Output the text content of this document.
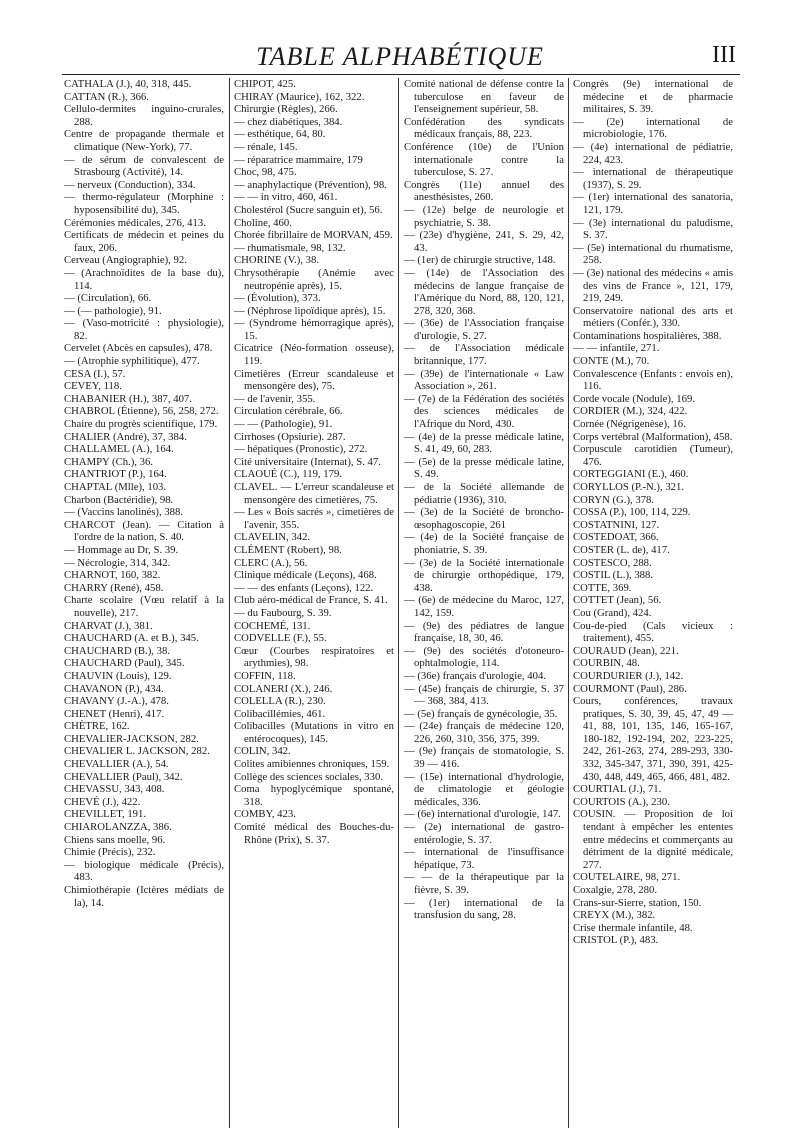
TABLE ALPHABÉTIQUE	III

CATHALA (J.), 40, 318, 445.

CATTAN (R.), 366.

Cellulo-dermites inguino-crurales, 288.

Centre de propagande thermale et climatique (New-York), 77.

— de sérum de convalescent de Strasbourg (Activité), 14.

— nerveux (Conduction), 334.

— thermo-régulateur (Morphine : hyposensibilité du), 345.

Cérémonies médicales, 276, 413.

Certificats de médecin et peines du faux, 206.

Cerveau (Angiographie), 92.

— (Arachnoïdites de la base du), 114.

— (Circulation), 66.

— (— pathologie), 91.

— (Vaso-motricité : physiologie), 82.

Cervelet (Abcès en capsules), 478.

— (Atrophie syphilitique), 477.

CESA (I.), 57.

CEVEY, 118.

CHABANIER (H.), 387, 407.

CHABROL (Étienne), 56, 258, 272.

Chaire du progrès scientifique, 179.

CHALIER (André), 37, 384.

CHALLAMEL (A.), 164.

CHAMPY (Ch.), 36.

CHANTRIOT (P.), 164.

CHAPTAL (Mlle), 103.

Charbon (Bactéridie), 98.

— (Vaccins lanolinés), 388.

CHARCOT (Jean). — Citation à l'ordre de la nation, S. 40.

— Hommage au Dr, S. 39.

— Nécrologie, 314, 342.

CHARNOT, 160, 382.

CHARRY (René), 458.

Charte scolaire (Vœu relatif à la nouvelle), 217.

CHARVAT (J.), 381.

CHAUCHARD (A. et B.), 345.

CHAUCHARD (B.), 38.

CHAUCHARD (Paul), 345.

CHAUVIN (Louis), 129.

CHAVANON (P.), 434.

CHAVANY (J.-A.), 478.

CHENET (Henri), 417.

CHÈTRE, 162.

CHEVALIER-JACKSON, 282.

CHEVALIER L. JACKSON, 282.

CHEVALLIER (A.), 54.

CHEVALLIER (Paul), 342.

CHEVASSU, 343, 408.

CHEVÉ (J.), 422.

CHEVILLET, 191.

CHIAROLANZZA, 386.

Chiens sans moelle, 96.

Chimie (Précis), 232.

— biologique médicale (Précis), 483.

Chimiothérapie (Ictères médiats de la), 14.

CHIPOT, 425.

CHIRAY (Maurice), 162, 322.

Chirurgie (Règles), 266.

— chez diabétiques, 384.

— esthétique, 64, 80.

— rénale, 145.

— réparatrice mammaire, 179

Choc, 98, 475.

— anaphylactique (Prévention), 98.

— — in vitro, 460, 461.

Cholestérol (Sucre sanguin et), 56.

Choline, 460.

Chorée fibrillaire de MORVAN, 459.

— rhumatismale, 98, 132.

CHORINE (V.), 38.

Chrysothérapie (Anémie avec neutropénie après), 15.

— (Évolution), 373.

— (Néphrose lipoïdique après), 15.

— (Syndrome hémorragique après), 15.

Cicatrice (Néo-formation osseuse), 119.

Cimetières (Erreur scandaleuse et mensongère des), 75.

— de l'avenir, 355.

Circulation cérébrale, 66.

— — (Pathologie), 91.

Cirrhoses (Opsiurie). 287.

— hépatiques (Pronostic), 272.

Cité universitaire (Internat), S. 47.

CLAOUÉ (C.), 119, 179.

CLAVEL. — L'erreur scandaleuse et mensongère des cimetières, 75.

— Les « Bois sacrés », cimetières de l'avenir, 355.

CLAVELIN, 342.

CLÉMENT (Robert), 98.

CLERC (A.), 56.

Clinique médicale (Leçons), 468.

— — des enfants (Leçons), 122.

Club aéro-médical de France, S. 41.

— du Faubourg, S. 39.

COCHEMÉ, 131.

CODVELLE (F.), 55.

Cœur (Courbes respiratoires et arythmies), 98.

COFFIN, 118.

COLANERI (X.), 246.

COLELLA (R.), 230.

Colibacillémies, 461.

Colibacilles (Mutations in vitro en entérocoques), 145.

COLIN, 342.

Colites amibiennes chroniques, 159.

Collège des sciences sociales, 330.

Coma hypoglycémique spontané, 318.

COMBY, 423.

Comité médical des Bouches-du-Rhône (Prix), S. 37.

Comité national de défense contre la tuberculose en faveur de l'enseignement supérieur, 58.

Confédération des syndicats médicaux français, 88, 223.

Conférence (10e) de l'Union internationale contre la tuberculose, S. 27.

Congrès (11e) annuel des anesthésistes, 260.

— (12e) belge de neurologie et psychiatrie, S. 38.

— (23e) d'hygiène, 241, S. 29, 42, 43.

— (1er) de chirurgie structive, 148.

— (14e) de l'Association des médecins de langue française de l'Amérique du Nord, 88, 120, 121, 278, 320, 368.

— (36e) de l'Association française d'urologie, S. 27.

— de l'Association médicale britannique, 177.

— (39e) de l'internationale « Law Association », 261.

— (7e) de la Fédération des sociétés des sciences médicales de l'Afrique du Nord, 430.

— (4e) de la presse médicale latine, S. 41, 49, 60, 283.

— (5e) de la presse médicale latine, S. 49.

— de la Société allemande de pédiatrie (1936), 310.

— (3e) de la Société de broncho-œsophagoscopie, 261

— (4e) de la Société française de phoniatrie, S. 39.

— (3e) de la Société internationale de chirurgie orthopédique, 179, 438.

— (6e) de médecine du Maroc, 127, 142, 159.

— (9e) des pédiatres de langue française, 18, 30, 46.

— (9e) des sociétés d'otoneuro-ophtalmologie, 114.

— (36e) français d'urologie, 404.

— (45e) français de chirurgie, S. 37 — 368, 384, 413.

— (5e) français de gynécologie, 35.

— (24e) français de médecine 120, 226, 260, 310, 356, 375, 399.

— (9e) français de stomatologie, S. 39 — 416.

— (15e) international d'hydrologie, de climatologie et géologie médicales, 336.

— (6e) international d'urologie, 147.

— (2e) international de gastro-entérologie, S. 37.

— international de l'insuffisance hépatique, 73.

— — de la thérapeutique par la fièvre, S. 39.

— (1er) international de la transfusion du sang, 28.

Congrès (9e) international de médecine et de pharmacie militaires, S. 39.

— (2e) international de microbiologie, 176.

— (4e) international de pédiatrie, 224, 423.

— international de thérapeutique (1937), S. 29.

— (1er) international des sanatoria, 121, 179.

— (3e) international du paludisme, S. 37.

— (5e) international du rhumatisme, 258.

— (3e) national des médecins « amis des vins de France », 121, 179, 219, 249.

Conservatoire national des arts et métiers (Confér.), 330.

Contaminations hospitalières, 388.

— — infantile, 271.

CONTE (M.), 70.

Convalescence (Enfants : envois en), 116.

Corde vocale (Nodule), 169.

CORDIER (M.), 324, 422.

Cornée (Négrigenèse), 16.

Corps vertébral (Malformation), 458.

Corpuscule carotidien (Tumeur), 476.

CORTEGGIANI (E.), 460.

CORYLLOS (P.-N.), 321.

CORYN (G.), 378.

COSSA (P.), 100, 114, 229.

COSTATNINI, 127.

COSTEDOAT, 366.

COSTER (L. de), 417.

COSTESCO, 288.

COSTIL (L.), 388.

COTTE, 369.

COTTET (Jean), 56.

Cou (Grand), 424.

Cou-de-pied (Cals vicieux : traitement), 455.

COURAUD (Jean), 221.

COURBIN, 48.

COURDURIER (J.), 142.

COURMONT (Paul), 286.

Cours, conférences, travaux pratiques, S. 30, 39, 45, 47, 49 — 41, 88, 101, 135, 146, 165-167, 180-182, 192-194, 202, 223-225, 242, 261-263, 274, 289-293, 330-332, 345-347, 371, 390, 391, 425-430, 448, 449, 465, 466, 481, 482.

COURTIAL (J.), 71.

COURTOIS (A.), 230.

COUSIN. — Proposition de loi tendant à empêcher les ententes entre médecins et commerçants au détriment de la dignité médicale, 277.

COUTELAIRE, 98, 271.

Coxalgie, 278, 280.

Crans-sur-Sierre, station, 150.

CREYX (M.), 382.

Crise thermale infantile, 48.

CRISTOL (P.), 483.
